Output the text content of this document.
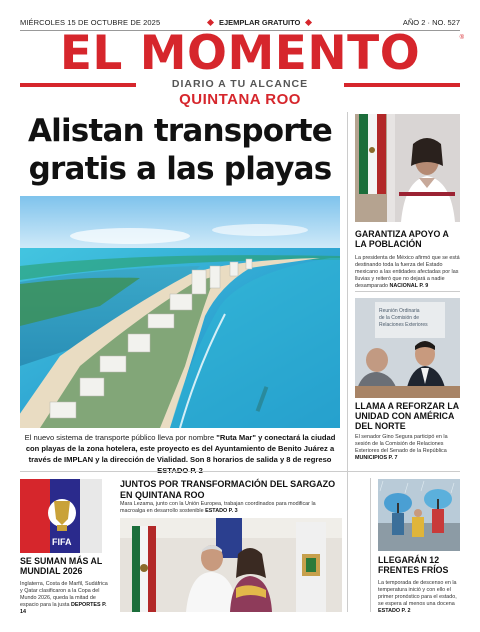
MIÉRCOLES 15 DE OCTUBRE DE 2025	EJEMPLAR GRATUITO	AÑO 2 · NO. 527
EL MOMENTO	®
DIARIO A TU ALCANCE
QUINTANA ROO
Alistan transporte gratis a las playas
El nuevo sistema de transporte público lleva por nombre "Ruta Mar" y conectará la ciudad con playas de la zona hotelera, este proyecto es del Ayuntamiento de Benito Juárez a través de IMPLAN y la dirección de Vialidad. Son 8 horarios de salida y 8 de regreso
GARANTIZA APOYO A LA POBLACIÓN
La presidenta de México afirmó que se está destinando toda la fuerza del Estado mexicano a las entidades afectadas por las lluvias y reiteró que no dejará a nadie desamparado NACIONAL P. 9
Reunión Ordinaria
de la Comisión de
Relaciones Exteriores
LLAMA A REFORZAR LA UNIDAD CON AMÉRICA DEL NORTE
El senador Gino Segura participó en la sesión de la Comisión de Relaciones Exteriores del Senado de la República MUNICIPIOS P. 7
FIFA
SE SUMAN MÁS AL MUNDIAL 2026
Inglaterra, Costa de Marfil, Sudáfrica y Qatar clasificaron a la Copa del Mundo 2026, queda la mitad de espacio para la justa DEPORTES P. 14
JUNTOS POR TRANSFORMACIÓN DEL SARGAZO EN QUINTANA ROO
Mara Lezama, junto con la Unión Europea, trabajan coordinados para modificar la macroalga en desarrollo sostenible ESTADO P. 3
LLEGARÁN 12 FRENTES FRÍOS
La temporada de descenso en la temperatura inició y con ello el primer pronóstico para el estado, se espera al menos una docena ESTADO P. 2
